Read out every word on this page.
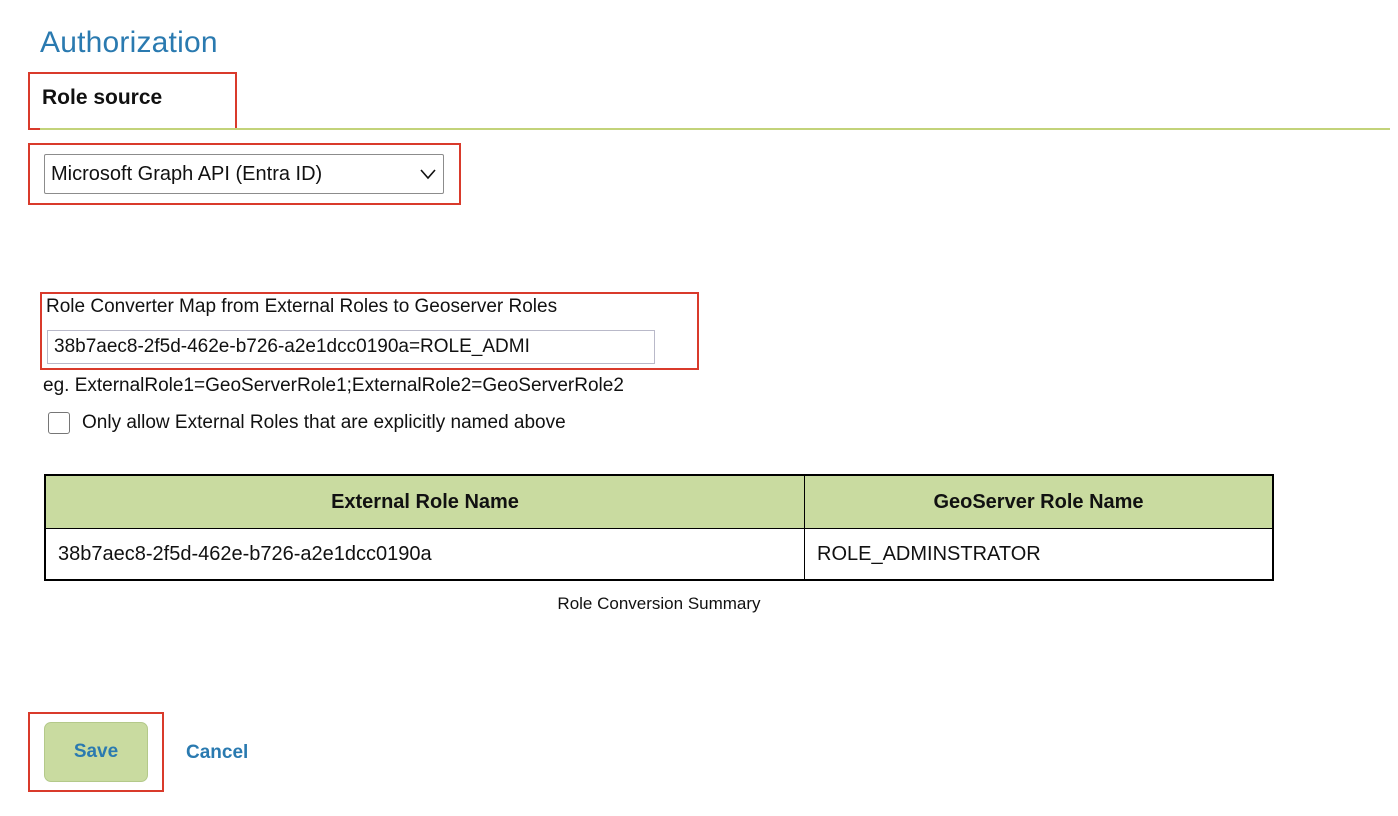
Authorization
Role source
Microsoft Graph API (Entra ID)
Role Converter Map from External Roles to Geoserver Roles
38b7aec8-2f5d-462e-b726-a2e1dcc0190a=ROLE_ADMI
eg. ExternalRole1=GeoServerRole1;ExternalRole2=GeoServerRole2
Only allow External Roles that are explicitly named above
External Role Name	GeoServer Role Name
38b7aec8-2f5d-462e-b726-a2e1dcc0190a	ROLE_ADMINSTRATOR
Role Conversion Summary
Save	Cancel
